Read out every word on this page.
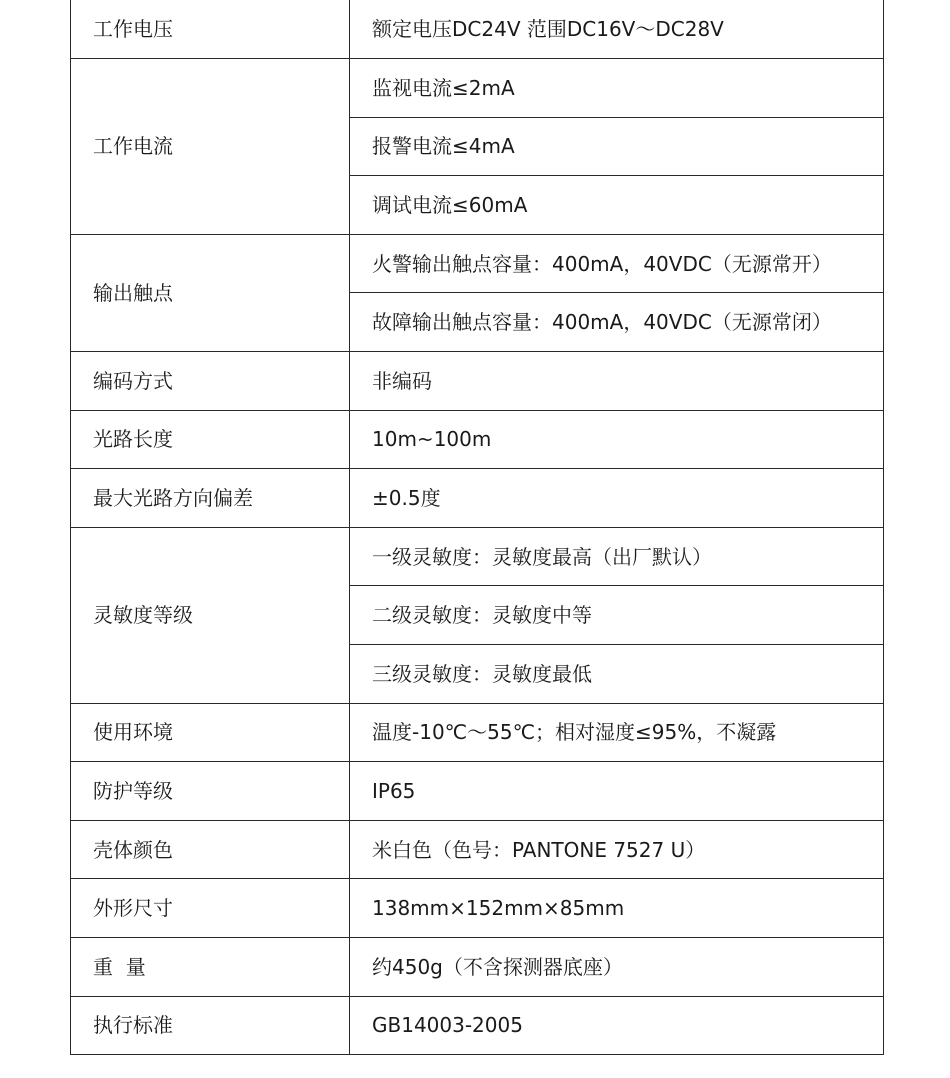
工作电压	额定电压DC24V 范围DC16V～DC28V
工作电流	监视电流≤2mA
	报警电流≤4mA
	调试电流≤60mA
输出触点	火警输出触点容量：400mA，40VDC（无源常开）
	故障输出触点容量：400mA，40VDC（无源常闭）
编码方式	非编码
光路长度	10m~100m
最大光路方向偏差	±0.5度
灵敏度等级	一级灵敏度：灵敏度最高（出厂默认）
	二级灵敏度：灵敏度中等
	三级灵敏度：灵敏度最低
使用环境	温度-10℃～55℃；相对湿度≤95%，不凝露
防护等级	IP65
壳体颜色	米白色（色号：PANTONE 7527 U）
外形尺寸	138mm×152mm×85mm
重  量	约450g（不含探测器底座）
执行标准	GB14003-2005
